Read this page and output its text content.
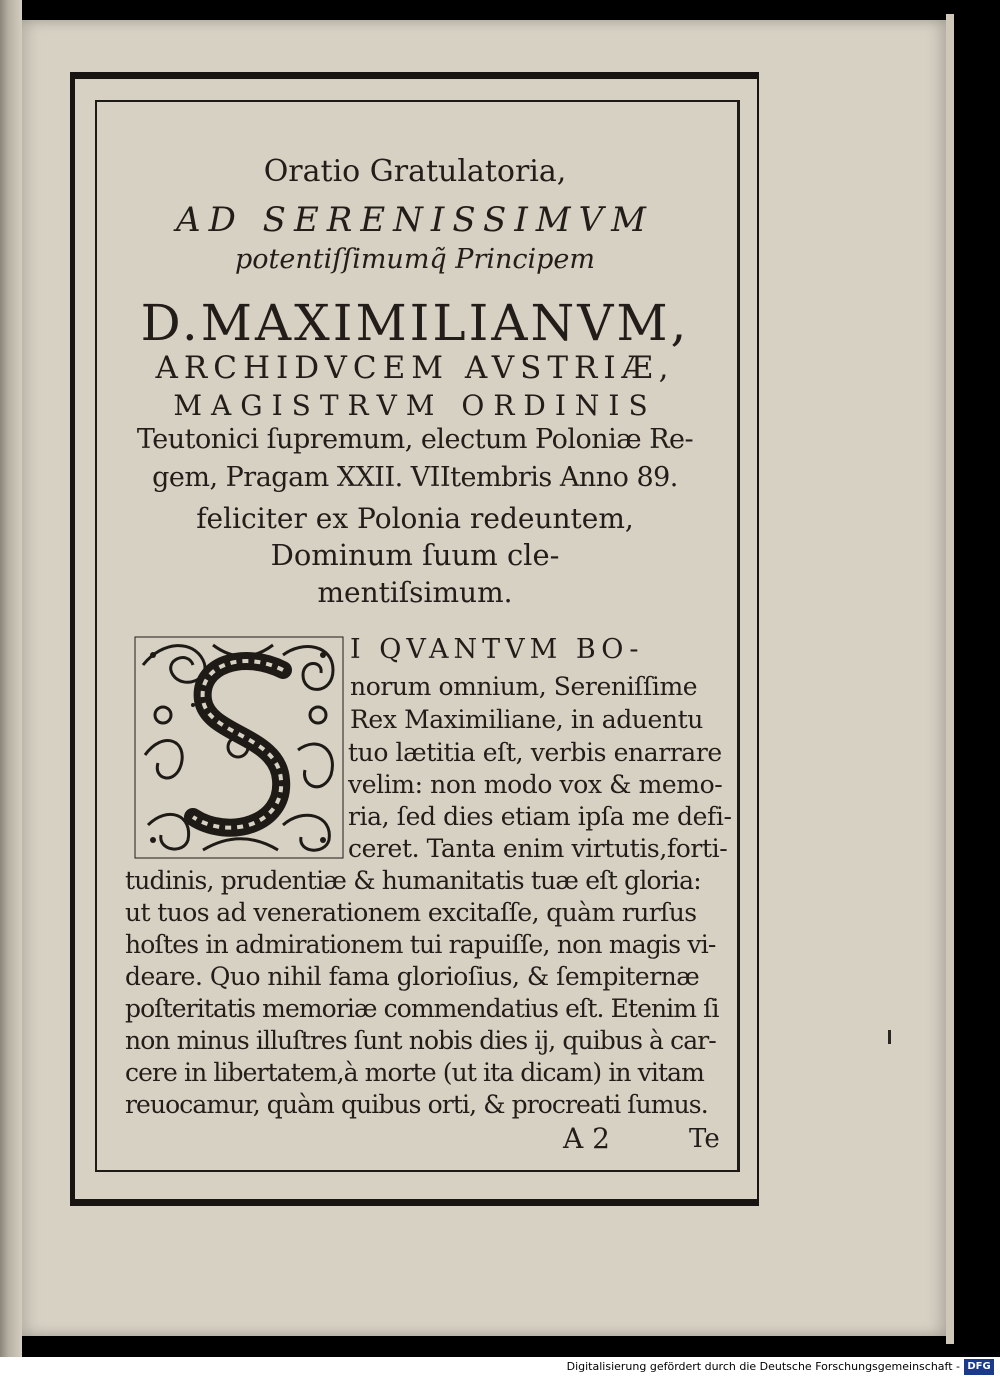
Oratio Gratulatoria,
AD SERENISSIMVM
potentiſſimumq̃ Principem
D.MAXIMILIANVM,
ARCHIDVCEM AVSTRIÆ,
MAGISTRVM ORDINIS
Teutonici ſupremum, electum Poloniæ Re-
gem, Pragam XXII. VIItembris Anno 89.
feliciter ex Polonia redeuntem,
Dominum ſuum cle-
mentiſsimum.
I QVANTVM BO-
norum omnium, Sereniſſime
Rex Maximiliane, in aduentu
tuo lætitia eſt, verbis enarrare
velim: non modo vox & memo-
ria, ſed dies etiam ipſa me defi-
ceret. Tanta enim virtutis,forti-
tudinis, prudentiæ & humanitatis tuæ eſt gloria:
ut tuos ad venerationem excitaſſe, quàm rurſus
hoſtes in admirationem tui rapuiſſe, non magis vi-
deare. Quo nihil fama glorioſius, & ſempiternæ
poſteritatis memoriæ commendatius eſt. Etenim ſi
non minus illuſtres ſunt nobis dies ij, quibus à car-
cere in libertatem,à morte (ut ita dicam) in vitam
reuocamur, quàm quibus orti, & procreati ſumus.
A 2	Te
Digitalisierung gefördert durch die Deutsche Forschungsgemeinschaft - DFG
